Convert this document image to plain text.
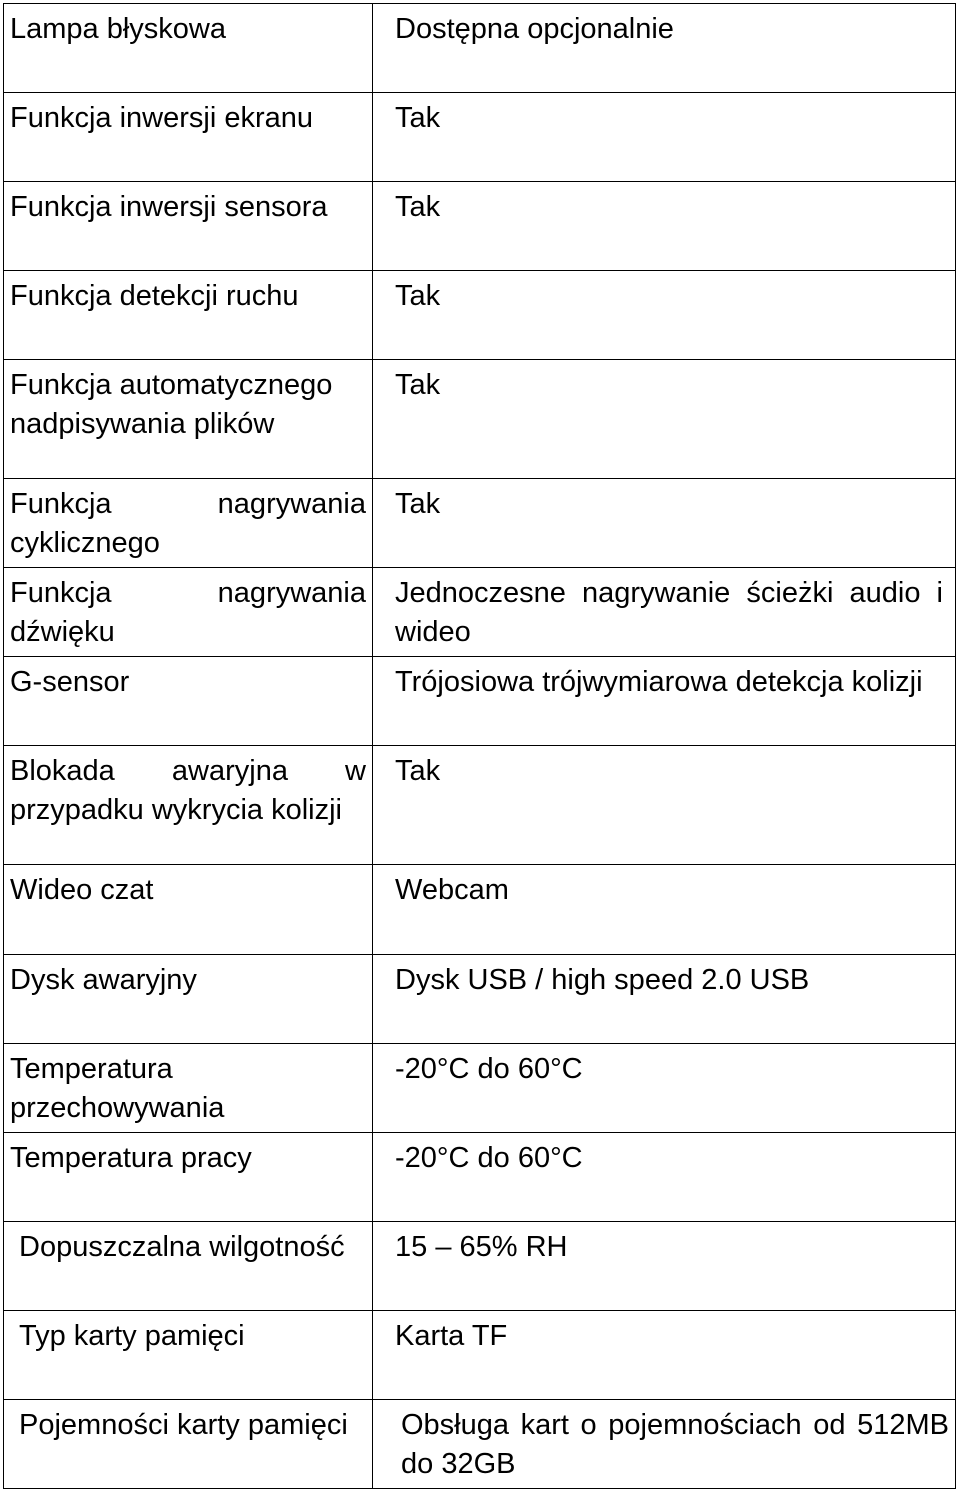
Lampa błyskowa	Dostępna opcjonalnie
Funkcja inwersji ekranu	Tak
Funkcja inwersji sensora	Tak
Funkcja detekcji ruchu	Tak
Funkcja automatycznego nadpisywania plików	Tak
Funkcja nagrywania cyklicznego	Tak
Funkcja nagrywania dźwięku	Jednoczesne nagrywanie ścieżki audio i wideo
G-sensor	Trójosiowa trójwymiarowa detekcja kolizji
Blokada awaryjna w przypadku wykrycia kolizji	Tak
Wideo czat	Webcam
Dysk awaryjny	Dysk USB / high speed 2.0 USB
Temperatura przechowywania	-20°C do 60°C
Temperatura pracy	-20°C do 60°C
Dopuszczalna wilgotność	15 – 65% RH
Typ karty pamięci	Karta TF
Pojemności karty pamięci	Obsługa kart o pojemnościach od 512MB do 32GB
